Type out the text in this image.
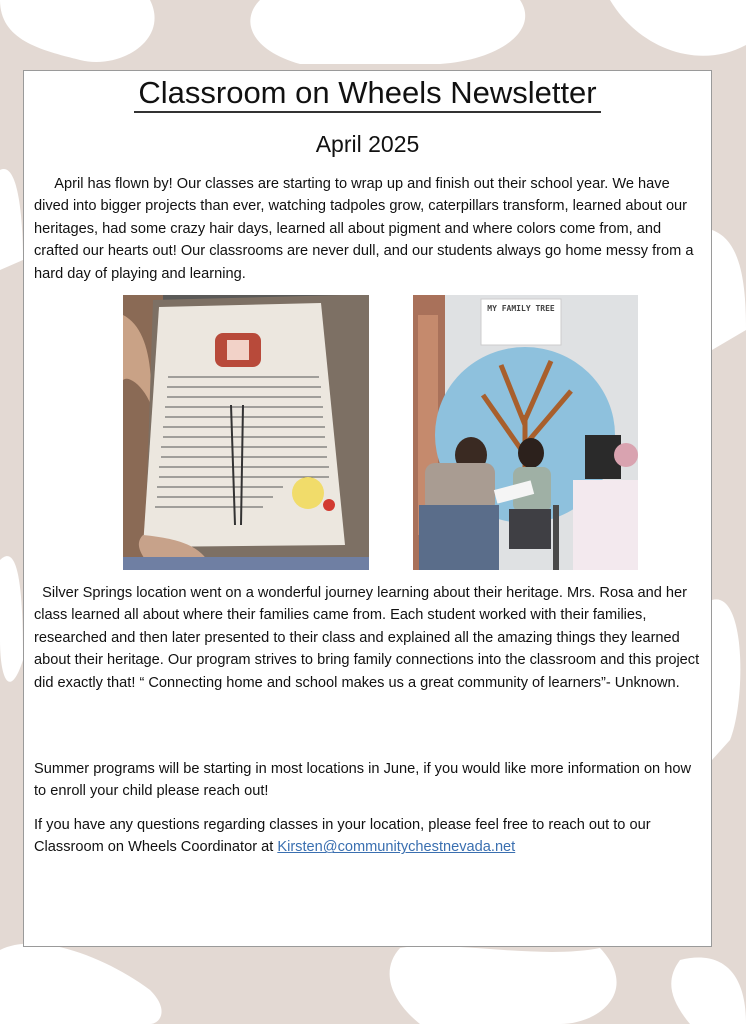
Classroom on Wheels Newsletter
April 2025

April has flown by! Our classes are starting to wrap up and finish out their school year. We have dived into bigger projects than ever, watching tadpoles grow, caterpillars transform, learned about our heritages, had some crazy hair days, learned all about pigment and where colors come from, and crafted our hearts out! Our classrooms are never dull, and our students always go home messy from a hard day of playing and learning.

MY FAMILY TREE

Silver Springs location went on a wonderful journey learning about their heritage. Mrs. Rosa and her class learned all about where their families came from. Each student worked with their families, researched and then later presented to their class and explained all the amazing things they learned about their heritage. Our program strives to bring family connections into the classroom and this project did exactly that! “ Connecting home and school makes us a great community of learners”- Unknown.

Summer programs will be starting in most locations in June, if you would like more information on how to enroll your child please reach out!

If you have any questions regarding classes in your location, please feel free to reach out to our Classroom on Wheels Coordinator at Kirsten@communitychestnevada.net
